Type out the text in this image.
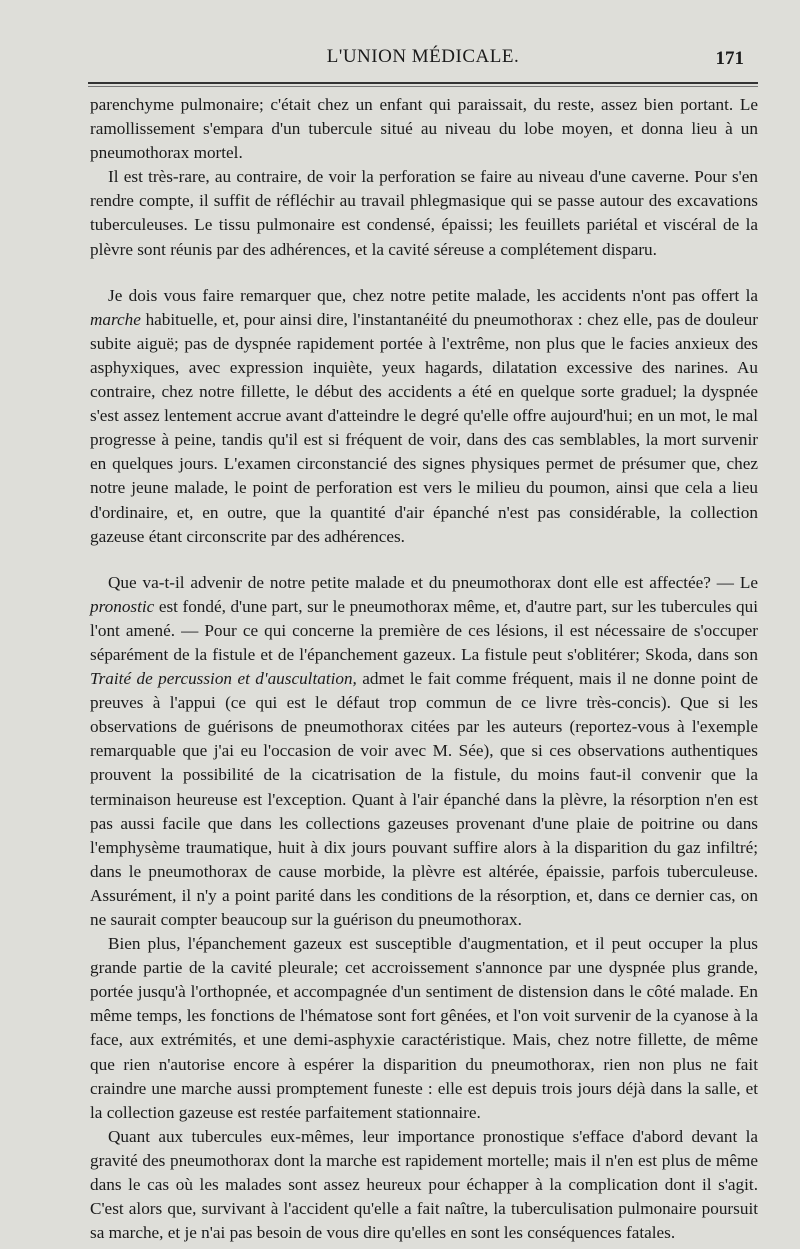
L'UNION MÉDICALE.	171

parenchyme pulmonaire; c'était chez un enfant qui paraissait, du reste, assez bien portant. Le ramollissement s'empara d'un tubercule situé au niveau du lobe moyen, et donna lieu à un pneumothorax mortel.

Il est très-rare, au contraire, de voir la perforation se faire au niveau d'une caverne. Pour s'en rendre compte, il suffit de réfléchir au travail phlegmasique qui se passe autour des excavations tuberculeuses. Le tissu pulmonaire est condensé, épaissi; les feuillets pariétal et viscéral de la plèvre sont réunis par des adhérences, et la cavité séreuse a complétement disparu.

Je dois vous faire remarquer que, chez notre petite malade, les accidents n'ont pas offert la marche habituelle, et, pour ainsi dire, l'instantanéité du pneumothorax : chez elle, pas de douleur subite aiguë; pas de dyspnée rapidement portée à l'extrême, non plus que le facies anxieux des asphyxiques, avec expression inquiète, yeux hagards, dilatation excessive des narines. Au contraire, chez notre fillette, le début des accidents a été en quelque sorte graduel; la dyspnée s'est assez lentement accrue avant d'atteindre le degré qu'elle offre aujourd'hui; en un mot, le mal progresse à peine, tandis qu'il est si fréquent de voir, dans des cas semblables, la mort survenir en quelques jours. L'examen circonstancié des signes physiques permet de présumer que, chez notre jeune malade, le point de perforation est vers le milieu du poumon, ainsi que cela a lieu d'ordinaire, et, en outre, que la quantité d'air épanché n'est pas considérable, la collection gazeuse étant circonscrite par des adhérences.

Que va-t-il advenir de notre petite malade et du pneumothorax dont elle est affectée? — Le pronostic est fondé, d'une part, sur le pneumothorax même, et, d'autre part, sur les tubercules qui l'ont amené. — Pour ce qui concerne la première de ces lésions, il est nécessaire de s'occuper séparément de la fistule et de l'épanchement gazeux. La fistule peut s'oblitérer; Skoda, dans son Traité de percussion et d'auscultation, admet le fait comme fréquent, mais il ne donne point de preuves à l'appui (ce qui est le défaut trop commun de ce livre très-concis). Que si les observations de guérisons de pneumothorax citées par les auteurs (reportez-vous à l'exemple remarquable que j'ai eu l'occasion de voir avec M. Sée), que si ces observations authentiques prouvent la possibilité de la cicatrisation de la fistule, du moins faut-il convenir que la terminaison heureuse est l'exception. Quant à l'air épanché dans la plèvre, la résorption n'en est pas aussi facile que dans les collections gazeuses provenant d'une plaie de poitrine ou dans l'emphysème traumatique, huit à dix jours pouvant suffire alors à la disparition du gaz infiltré; dans le pneumothorax de cause morbide, la plèvre est altérée, épaissie, parfois tuberculeuse. Assurément, il n'y a point parité dans les conditions de la résorption, et, dans ce dernier cas, on ne saurait compter beaucoup sur la guérison du pneumothorax.

Bien plus, l'épanchement gazeux est susceptible d'augmentation, et il peut occuper la plus grande partie de la cavité pleurale; cet accroissement s'annonce par une dyspnée plus grande, portée jusqu'à l'orthopnée, et accompagnée d'un sentiment de distension dans le côté malade. En même temps, les fonctions de l'hématose sont fort gênées, et l'on voit survenir de la cyanose à la face, aux extrémités, et une demi-asphyxie caractéristique. Mais, chez notre fillette, de même que rien n'autorise encore à espérer la disparition du pneumothorax, rien non plus ne fait craindre une marche aussi promptement funeste : elle est depuis trois jours déjà dans la salle, et la collection gazeuse est restée parfaitement stationnaire.

Quant aux tubercules eux-mêmes, leur importance pronostique s'efface d'abord devant la gravité des pneumothorax dont la marche est rapidement mortelle; mais il n'en est plus de même dans le cas où les malades sont assez heureux pour échapper à la complication dont il s'agit. C'est alors que, survivant à l'accident qu'elle a fait naître, la tuberculisation pulmonaire poursuit sa marche, et je n'ai pas besoin de vous dire qu'elles en sont les conséquences fatales.
